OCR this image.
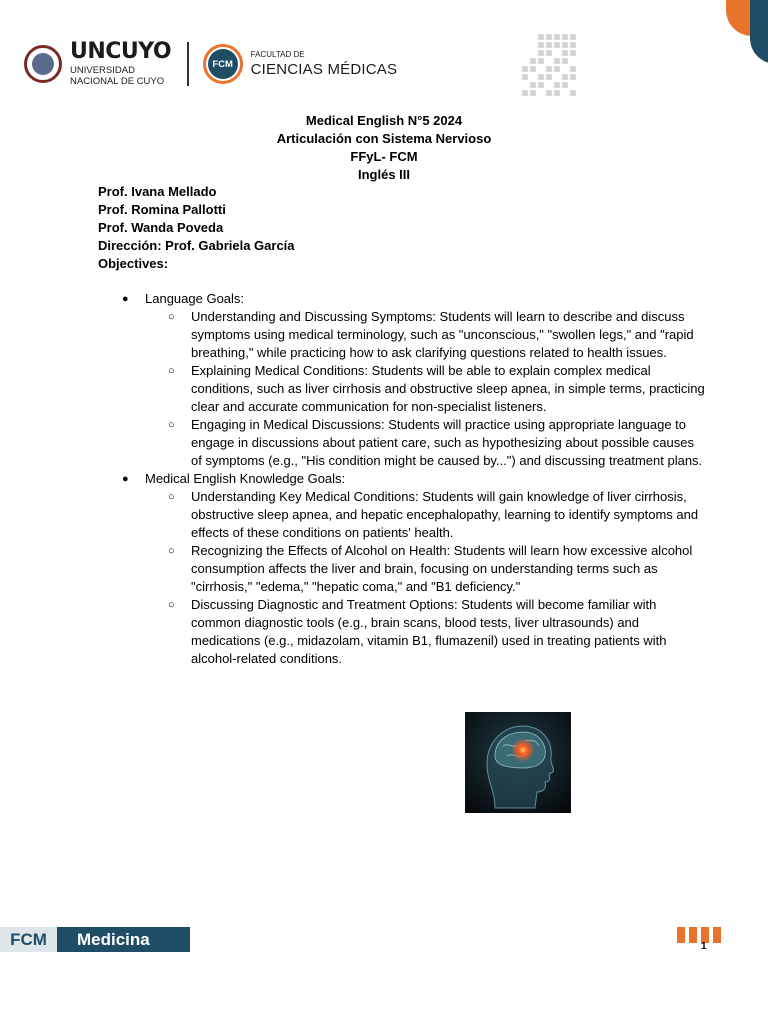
UNCUYO
UNIVERSIDAD
NACIONAL DE CUYO
FCM
FACULTAD DE
CIENCIAS MÉDICAS
Medical English N°5 2024
Articulación con Sistema Nervioso
FFyL- FCM
Inglés III
Prof. Ivana Mellado
Prof. Romina Pallotti
Prof. Wanda Poveda
Dirección: Prof. Gabriela García
Objectives:
● Language Goals:
○ Understanding and Discussing Symptoms: Students will learn to describe and discuss symptoms using medical terminology, such as "unconscious," "swollen legs," and "rapid breathing," while practicing how to ask clarifying questions related to health issues.
○ Explaining Medical Conditions: Students will be able to explain complex medical conditions, such as liver cirrhosis and obstructive sleep apnea, in simple terms, practicing clear and accurate communication for non-specialist listeners.
○ Engaging in Medical Discussions: Students will practice using appropriate language to engage in discussions about patient care, such as hypothesizing about possible causes of symptoms (e.g., "His condition might be caused by...") and discussing treatment plans.
● Medical English Knowledge Goals:
○ Understanding Key Medical Conditions: Students will gain knowledge of liver cirrhosis, obstructive sleep apnea, and hepatic encephalopathy, learning to identify symptoms and effects of these conditions on patients' health.
○ Recognizing the Effects of Alcohol on Health: Students will learn how excessive alcohol consumption affects the liver and brain, focusing on understanding terms such as "cirrhosis," "edema," "hepatic coma," and "B1 deficiency."
○ Discussing Diagnostic and Treatment Options: Students will become familiar with common diagnostic tools (e.g., brain scans, blood tests, liver ultrasounds) and medications (e.g., midazolam, vitamin B1, flumazenil) used in treating patients with alcohol-related conditions.
FCM	Medicina	1
